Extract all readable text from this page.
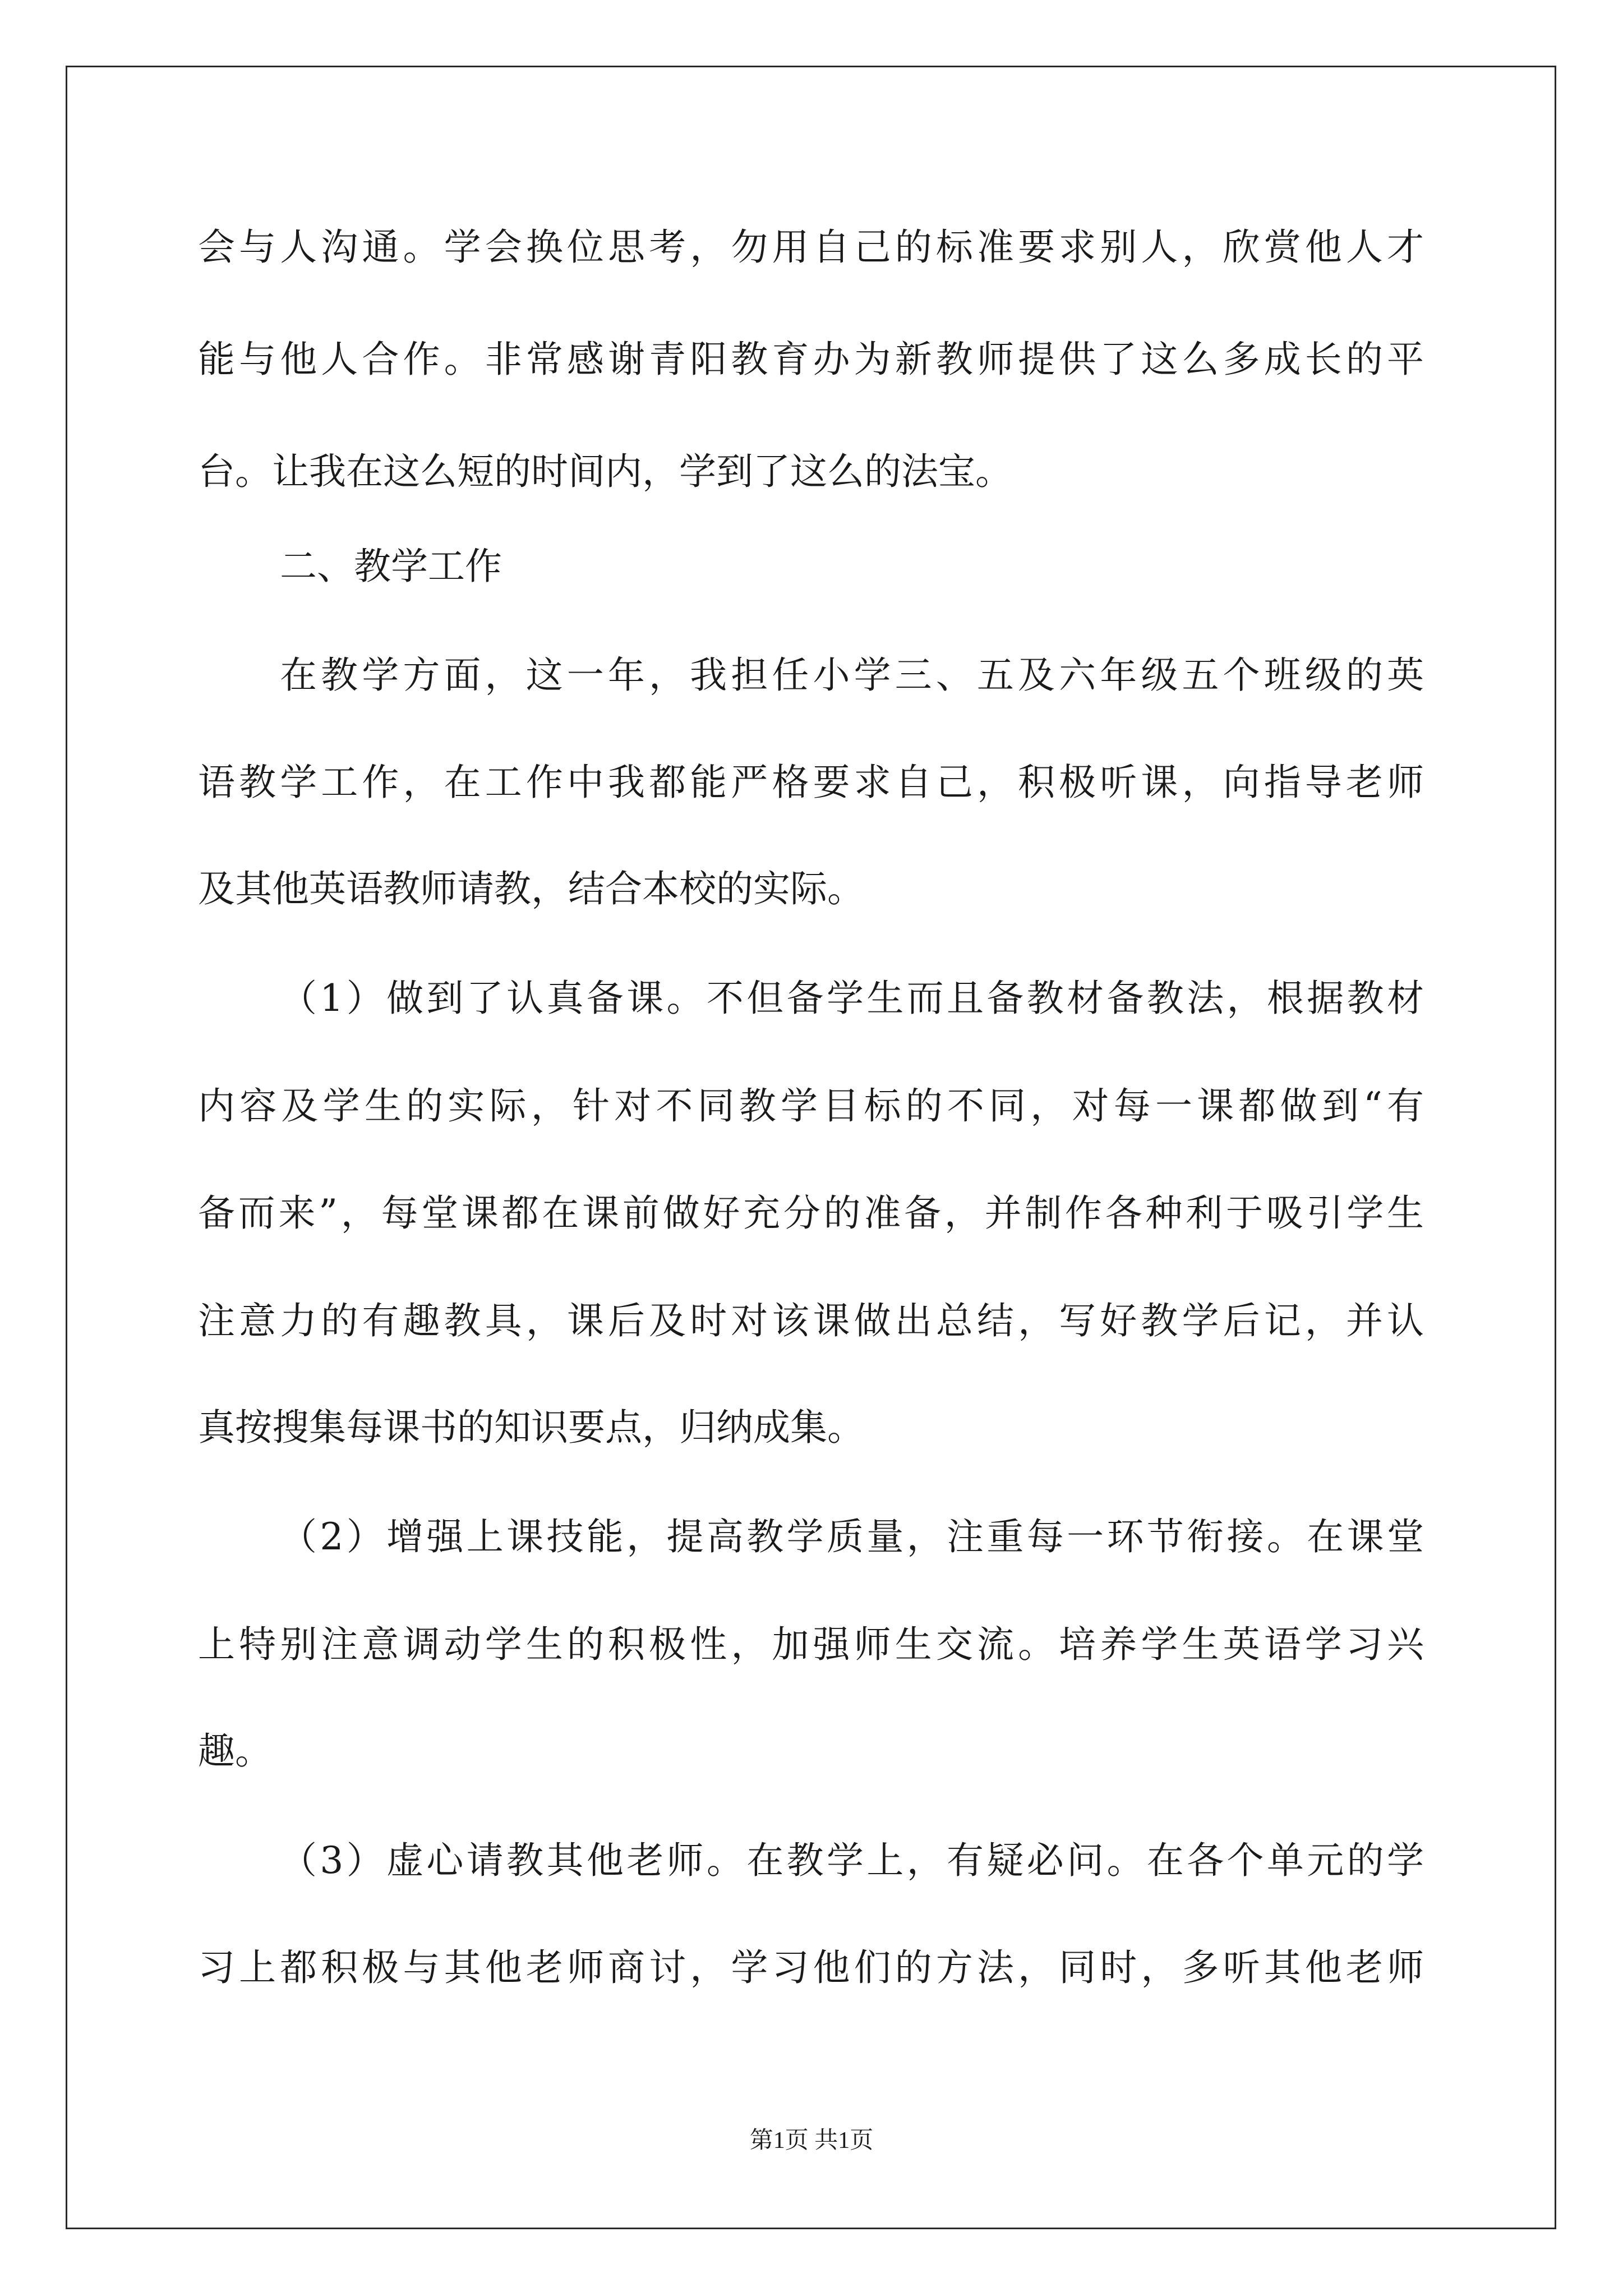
会与人沟通。学会换位思考，勿用自己的标准要求别人，欣赏他人才
能与他人合作。非常感谢青阳教育办为新教师提供了这么多成长的平
台。让我在这么短的时间内，学到了这么的法宝。
二、教学工作
在教学方面，这一年，我担任小学三、五及六年级五个班级的英
语教学工作，在工作中我都能严格要求自己，积极听课，向指导老师
及其他英语教师请教，结合本校的实际。
（1）做到了认真备课。不但备学生而且备教材备教法，根据教材
内容及学生的实际，针对不同教学目标的不同，对每一课都做到“有
备而来”，每堂课都在课前做好充分的准备，并制作各种利于吸引学生
注意力的有趣教具，课后及时对该课做出总结，写好教学后记，并认
真按搜集每课书的知识要点，归纳成集。
（2）增强上课技能，提高教学质量，注重每一环节衔接。在课堂
上特别注意调动学生的积极性，加强师生交流。培养学生英语学习兴
趣。
（3）虚心请教其他老师。在教学上，有疑必问。在各个单元的学
习上都积极与其他老师商讨，学习他们的方法，同时，多听其他老师
第1页 共1页
